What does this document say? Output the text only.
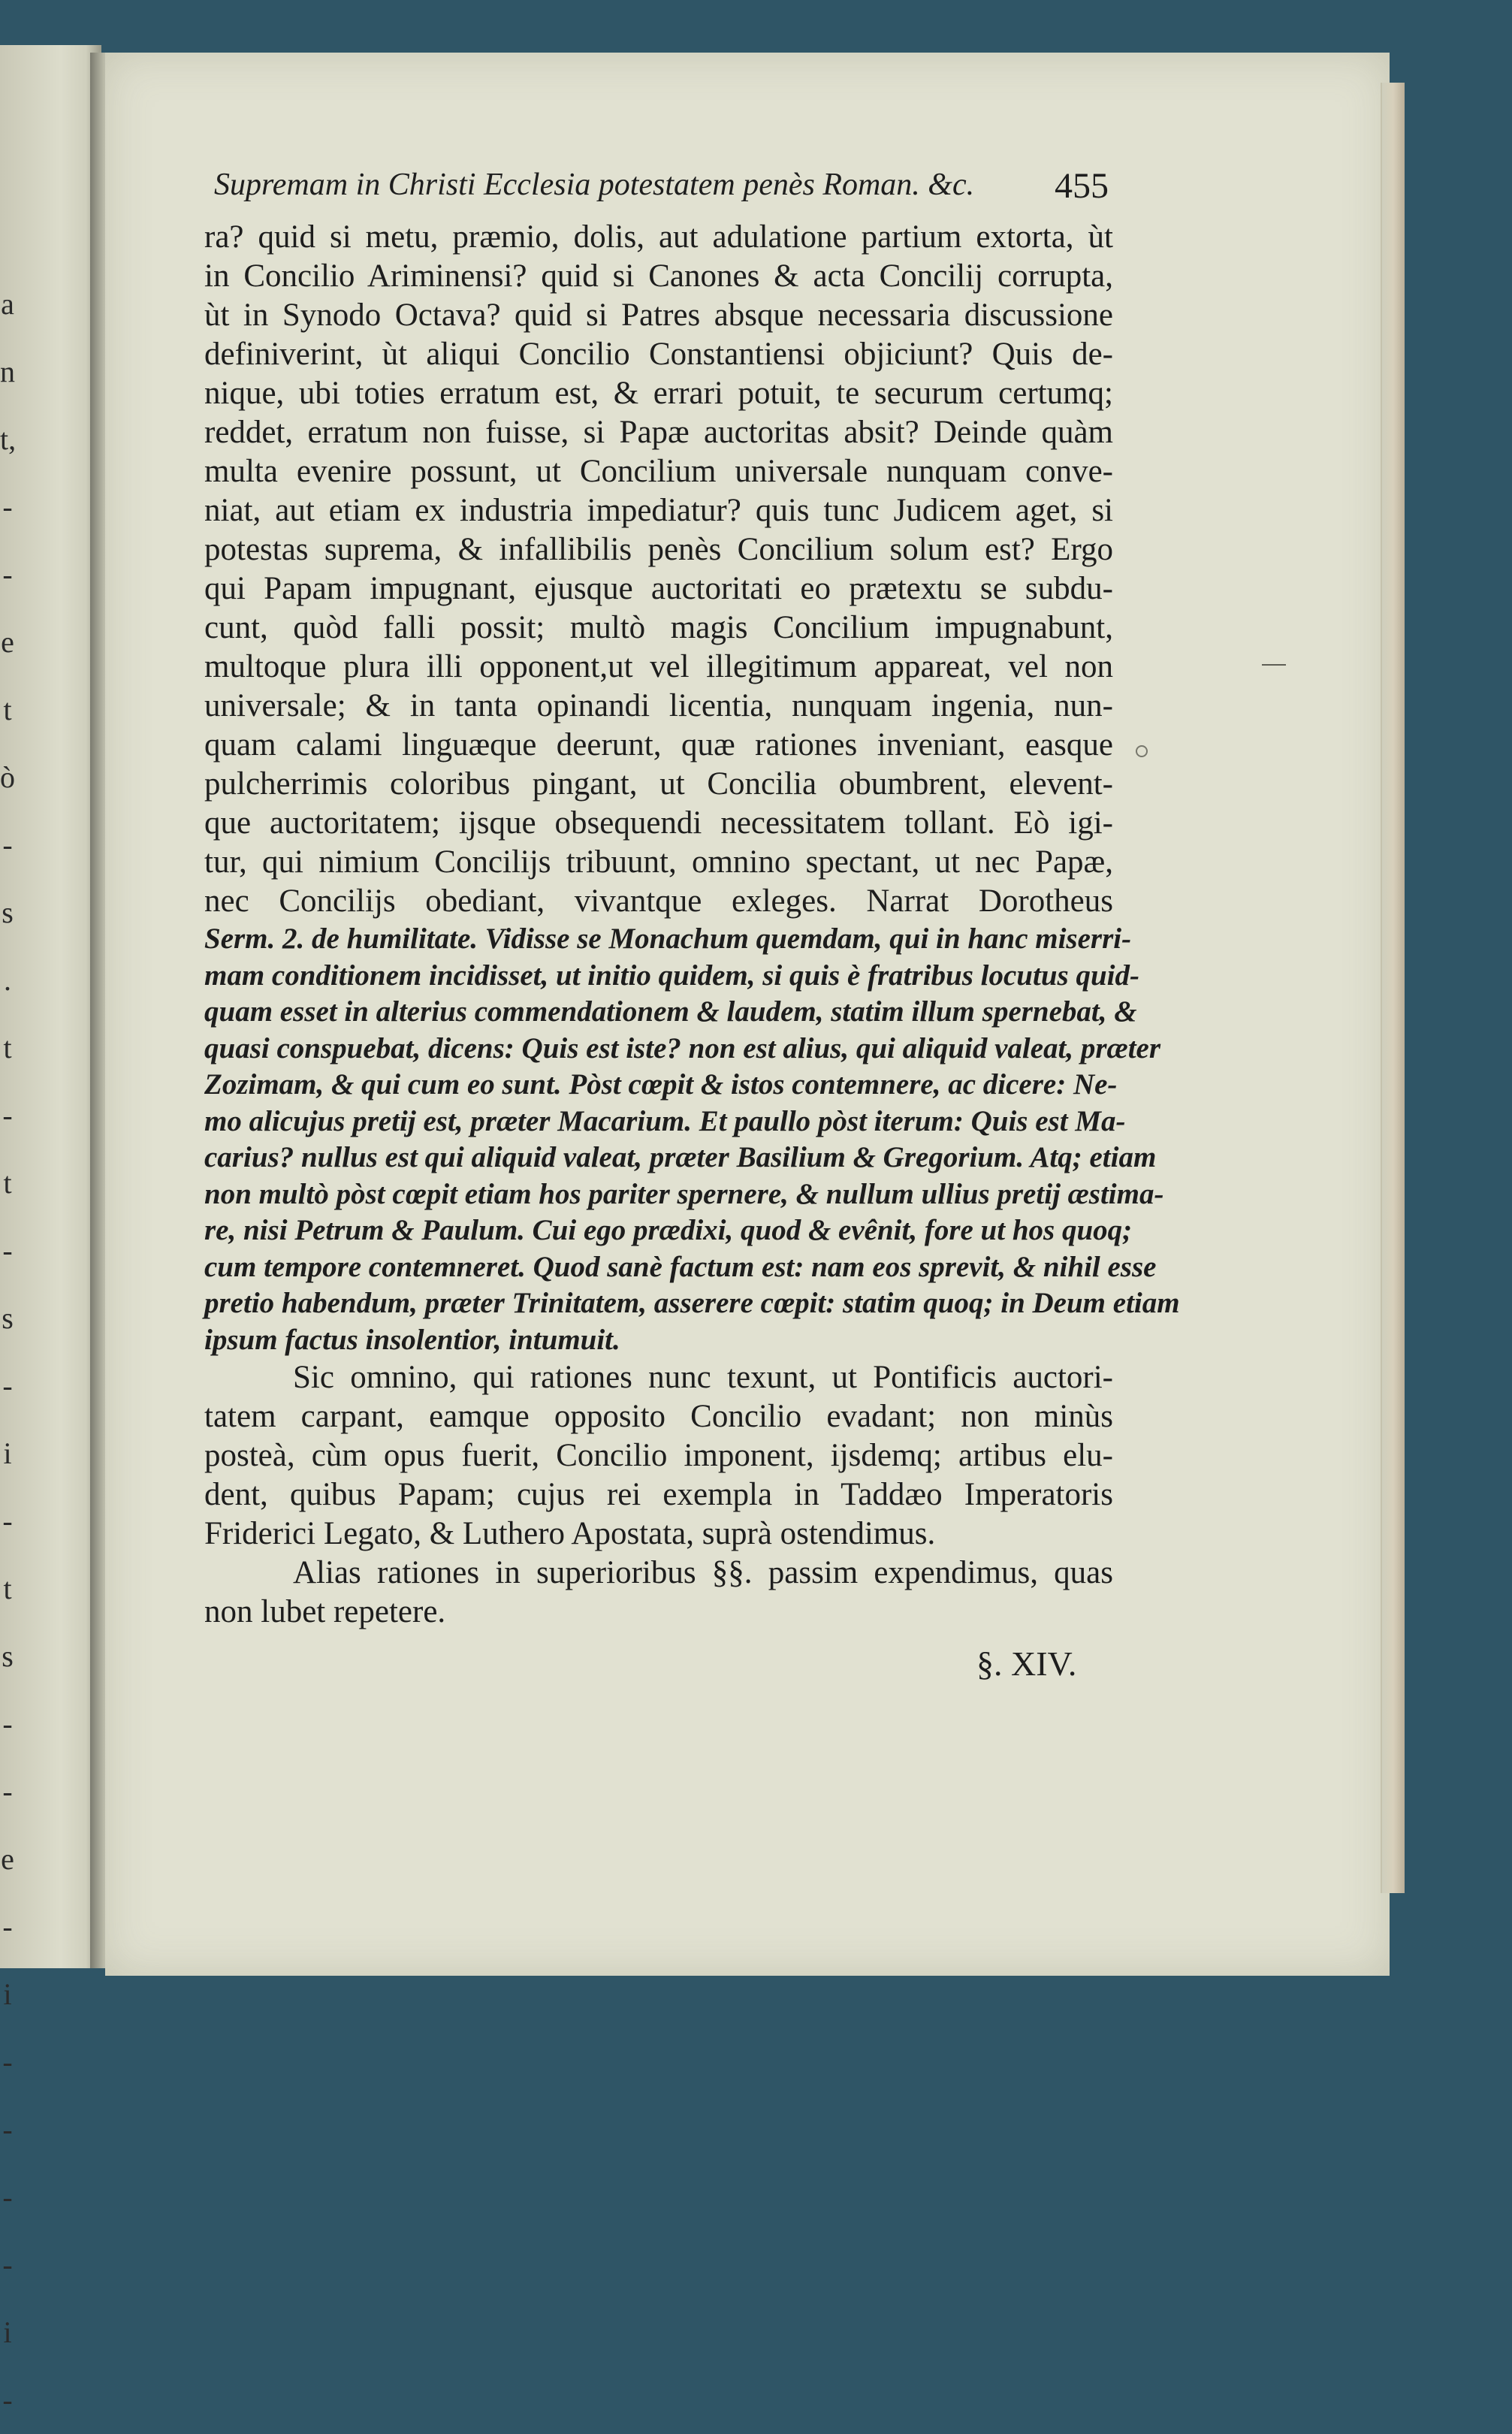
a
n
t,
-
-
e
t
ò
-
s
.
t
-
t
-
s
-
i
-
t
s
-
-
e
-
i
-
-
-
-
i
-
Supremam in Christi Ecclesia potestatem penès Roman. &c.	455
ra? quid si metu, præmio, dolis, aut adulatione partium extorta, ùt
in Concilio Ariminensi? quid si Canones & acta Concilij corrupta,
ùt in Synodo Octava? quid si Patres absque necessaria discussione
definiverint, ùt aliqui Concilio Constantiensi objiciunt? Quis de-
nique, ubi toties erratum est, & errari potuit, te securum certumq;
reddet, erratum non fuisse, si Papæ auctoritas absit? Deinde quàm
multa evenire possunt, ut Concilium universale nunquam conve-
niat, aut etiam ex industria impediatur? quis tunc Judicem aget, si
potestas suprema, & infallibilis penès Concilium solum est? Ergo
qui Papam impugnant, ejusque auctoritati eo prætextu se subdu-
cunt, quòd falli possit; multò magis Concilium impugnabunt,
multoque plura illi opponent,ut vel illegitimum appareat, vel non
universale; & in tanta opinandi licentia, nunquam ingenia, nun-
quam calami linguæque deerunt, quæ rationes inveniant, easque
pulcherrimis coloribus pingant, ut Concilia obumbrent, elevent-
que auctoritatem; ijsque obsequendi necessitatem tollant. Eò igi-
tur, qui nimium Concilijs tribuunt, omnino spectant, ut nec Papæ,
nec Concilijs obediant, vivantque exleges. Narrat Dorotheus
Serm. 2. de humilitate. Vidisse se Monachum quemdam, qui in hanc miserri-
mam conditionem incidisset, ut initio quidem, si quis è fratribus locutus quid-
quam esset in alterius commendationem & laudem, statim illum spernebat, &
quasi conspuebat, dicens: Quis est iste? non est alius, qui aliquid valeat, præter
Zozimam, & qui cum eo sunt. Pòst cœpit & istos contemnere, ac dicere: Ne-
mo alicujus pretij est, præter Macarium. Et paullo pòst iterum: Quis est Ma-
carius? nullus est qui aliquid valeat, præter Basilium & Gregorium. Atq; etiam
non multò pòst cœpit etiam hos pariter spernere, & nullum ullius pretij æstima-
re, nisi Petrum & Paulum. Cui ego prædixi, quod & evênit, fore ut hos quoq;
cum tempore contemneret. Quod sanè factum est: nam eos sprevit, & nihil esse
pretio habendum, præter Trinitatem, asserere cœpit: statim quoq; in Deum etiam
ipsum factus insolentior, intumuit.
Sic omnino, qui rationes nunc texunt, ut Pontificis auctori-
tatem carpant, eamque opposito Concilio evadant; non minùs
posteà, cùm opus fuerit, Concilio imponent, ijsdemq; artibus elu-
dent, quibus Papam; cujus rei exempla in Taddæo Imperatoris
Friderici Legato, & Luthero Apostata, suprà ostendimus.
Alias rationes in superioribus §§. passim expendimus, quas
non lubet repetere.
§. XIV.
